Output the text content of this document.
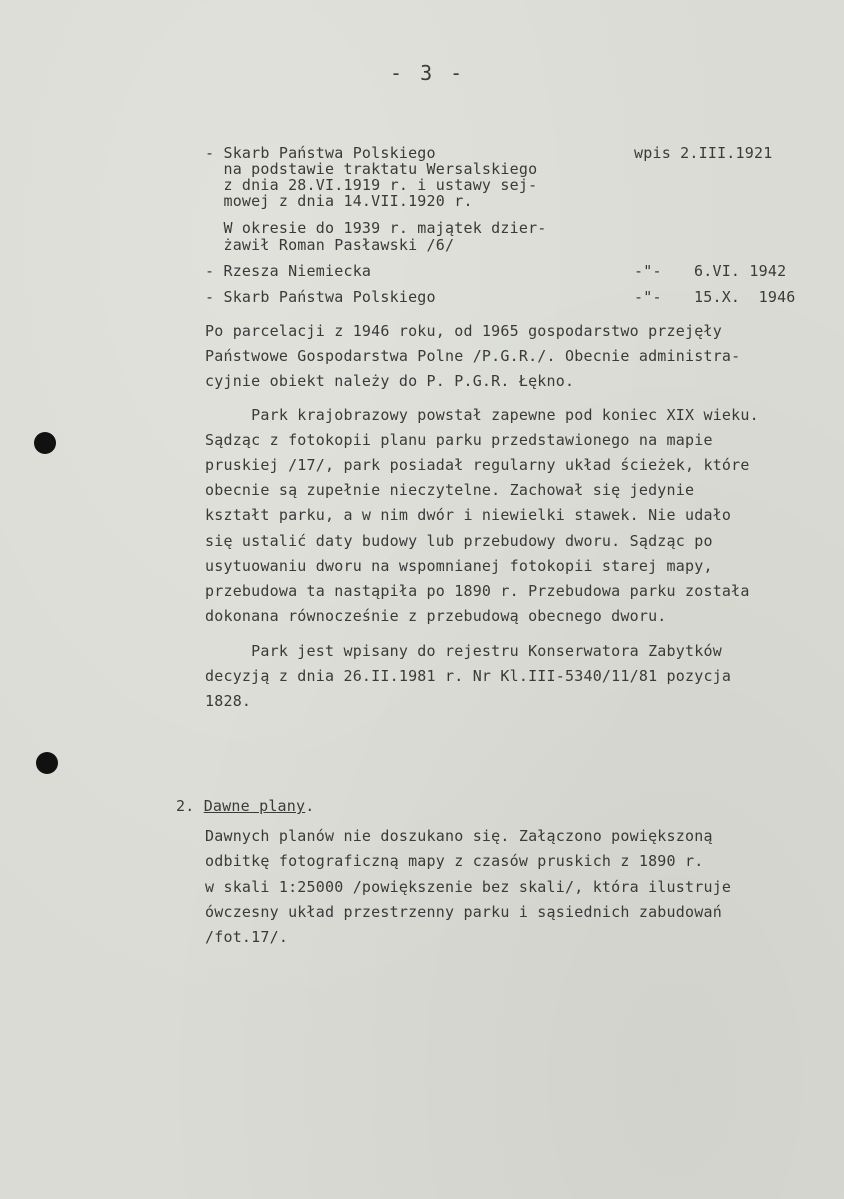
- 3 -
- Skarb Państwa Polskiego
na podstawie traktatu Wersalskiego
z dnia 28.VI.1919 r. i ustawy sej-
mowej z dnia 14.VII.1920 r.
wpis 2.III.1921
W okresie do 1939 r. majątek dzier-
żawił Roman Pasławski /6/
- Rzesza Niemiecka	-"- 6.VI. 1942
- Skarb Państwa Polskiego	-"- 15.X.  1946
Po parcelacji z 1946 roku, od 1965 gospodarstwo przejęły
Państwowe Gospodarstwa Polne /P.G.R./. Obecnie administra-
cyjnie obiekt należy do P. P.G.R. Łękno.
Park krajobrazowy powstał zapewne pod koniec XIX wieku.
Sądząc z fotokopii planu parku przedstawionego na mapie
pruskiej /17/, park posiadał regularny układ ścieżek, które
obecnie są zupełnie nieczytelne. Zachował się jedynie
kształt parku, a w nim dwór i niewielki stawek. Nie udało
się ustalić daty budowy lub przebudowy dworu. Sądząc po
usytuowaniu dworu na wspomnianej fotokopii starej mapy,
przebudowa ta nastąpiła po 1890 r. Przebudowa parku została
dokonana równocześnie z przebudową obecnego dworu.
Park jest wpisany do rejestru Konserwatora Zabytków
decyzją z dnia 26.II.1981 r. Nr Kl.III-5340/11/81 pozycja
1828.
2. Dawne plany.
Dawnych planów nie doszukano się. Załączono powiększoną
odbitkę fotograficzną mapy z czasów pruskich z 1890 r.
w skali 1:25000 /powiększenie bez skali/, która ilustruje
ówczesny układ przestrzenny parku i sąsiednich zabudowań
/fot.17/.
